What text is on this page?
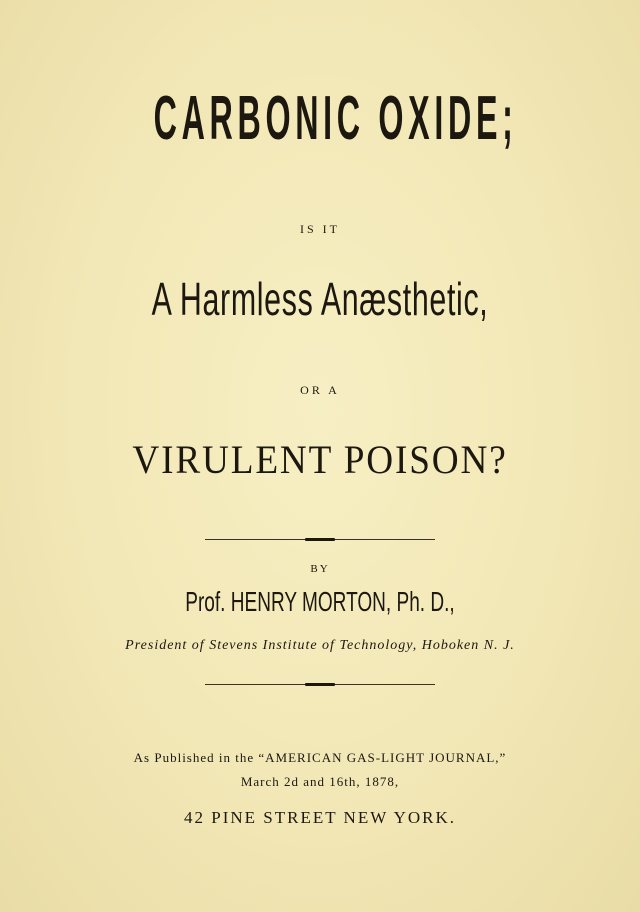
CARBONIC OXIDE;
IS IT
A Harmless Anæsthetic,
OR A
VIRULENT POISON?
BY
Prof. HENRY MORTON, Ph. D.,
President of Stevens Institute of Technology, Hoboken N. J.
As Published in the “AMERICAN GAS-LIGHT JOURNAL,”
March 2d and 16th, 1878,
42 PINE STREET NEW YORK.
